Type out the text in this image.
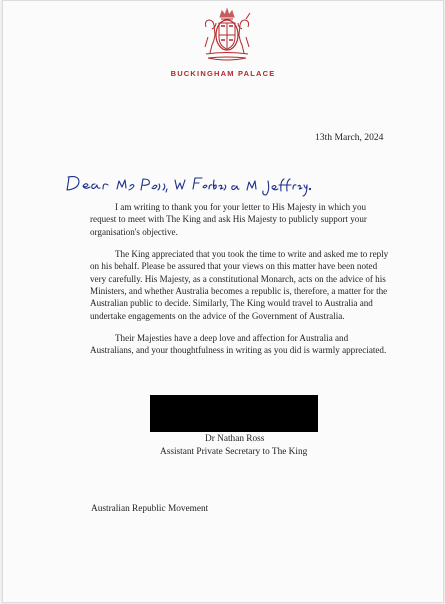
BUCKINGHAM PALACE
13th March, 2024

I am writing to thank you for your letter to His Majesty in which you request to meet with The King and ask His Majesty to publicly support your organisation's objective.

The King appreciated that you took the time to write and asked me to reply on his behalf. Please be assured that your views on this matter have been noted very carefully. His Majesty, as a constitutional Monarch, acts on the advice of his Ministers, and whether Australia becomes a republic is, therefore, a matter for the Australian public to decide. Similarly, The King would travel to Australia and undertake engagements on the advice of the Government of Australia.

Their Majesties have a deep love and affection for Australia and Australians, and your thoughtfulness in writing as you did is warmly appreciated.

Dr Nathan Ross
Assistant Private Secretary to The King
Australian Republic Movement
